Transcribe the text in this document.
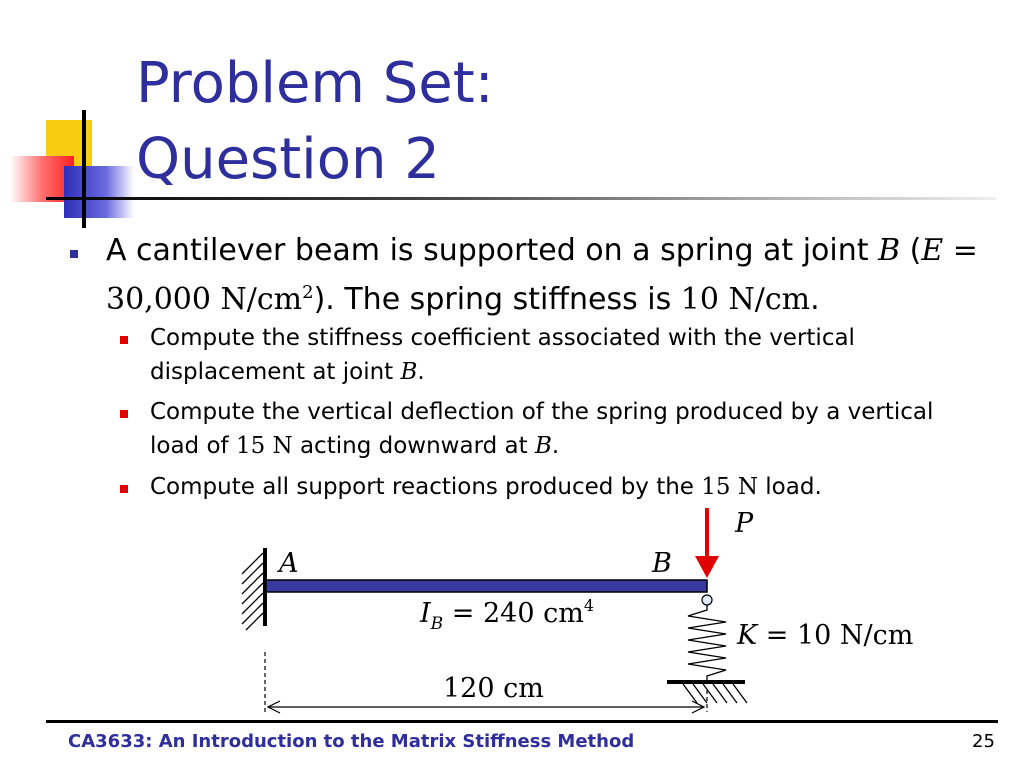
Problem Set:
Question 2
A cantilever beam is supported on a spring at joint B (E = 30,000 $N/cm^2$). The spring stiffness is 10 N/cm.
Compute the stiffness coefficient associated with the vertical displacement at joint B.
Compute the vertical deflection of the spring produced by a vertical load of 15 N acting downward at B.
Compute all support reactions produced by the 15 N load.
A	B
P
$I_B = 240$ $cm^4$
K = 10 N/cm
120 cm
CA3633: An Introduction to the Matrix Stiffness Method	25
